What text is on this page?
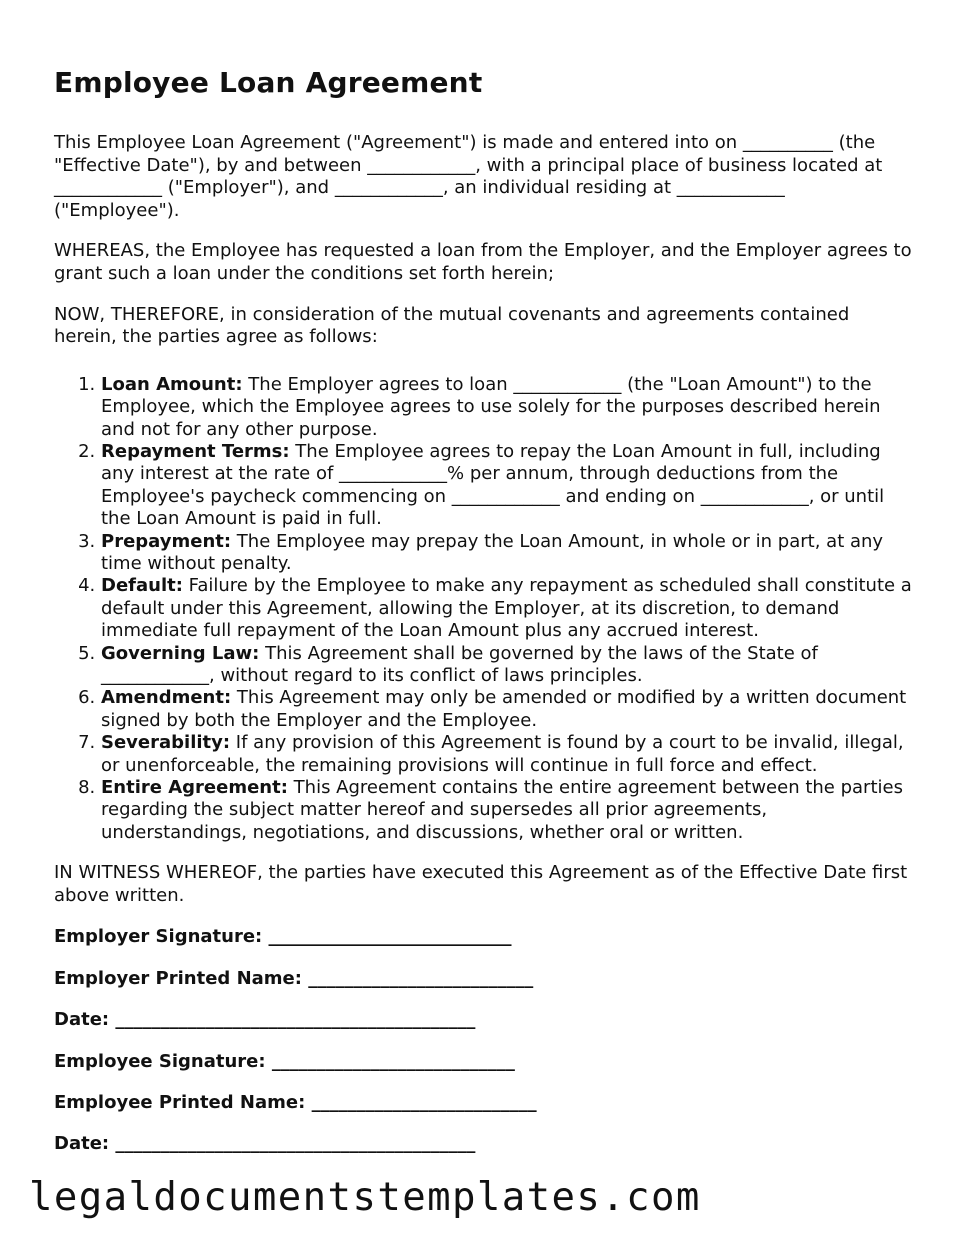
Employee Loan Agreement

This Employee Loan Agreement ("Agreement") is made and entered into on __________ (the "Effective Date"), by and between ____________, with a principal place of business located at ____________ ("Employer"), and ____________, an individual residing at ____________ ("Employee").

WHEREAS, the Employee has requested a loan from the Employer, and the Employer agrees to grant such a loan under the conditions set forth herein;

NOW, THEREFORE, in consideration of the mutual covenants and agreements contained herein, the parties agree as follows:

1. Loan Amount: The Employer agrees to loan ____________ (the "Loan Amount") to the Employee, which the Employee agrees to use solely for the purposes described herein and not for any other purpose.
2. Repayment Terms: The Employee agrees to repay the Loan Amount in full, including any interest at the rate of ____________% per annum, through deductions from the Employee's paycheck commencing on ____________ and ending on ____________, or until the Loan Amount is paid in full.
3. Prepayment: The Employee may prepay the Loan Amount, in whole or in part, at any time without penalty.
4. Default: Failure by the Employee to make any repayment as scheduled shall constitute a default under this Agreement, allowing the Employer, at its discretion, to demand immediate full repayment of the Loan Amount plus any accrued interest.
5. Governing Law: This Agreement shall be governed by the laws of the State of ____________, without regard to its conflict of laws principles.
6. Amendment: This Agreement may only be amended or modified by a written document signed by both the Employer and the Employee.
7. Severability: If any provision of this Agreement is found by a court to be invalid, illegal, or unenforceable, the remaining provisions will continue in full force and effect.
8. Entire Agreement: This Agreement contains the entire agreement between the parties regarding the subject matter hereof and supersedes all prior agreements, understandings, negotiations, and discussions, whether oral or written.

IN WITNESS WHEREOF, the parties have executed this Agreement as of the Effective Date first above written.

Employer Signature: ___________________________
Employer Printed Name: _________________________
Date: ________________________________________
Employee Signature: ___________________________
Employee Printed Name: _________________________
Date: ________________________________________
legaldocumentstemplates.com
